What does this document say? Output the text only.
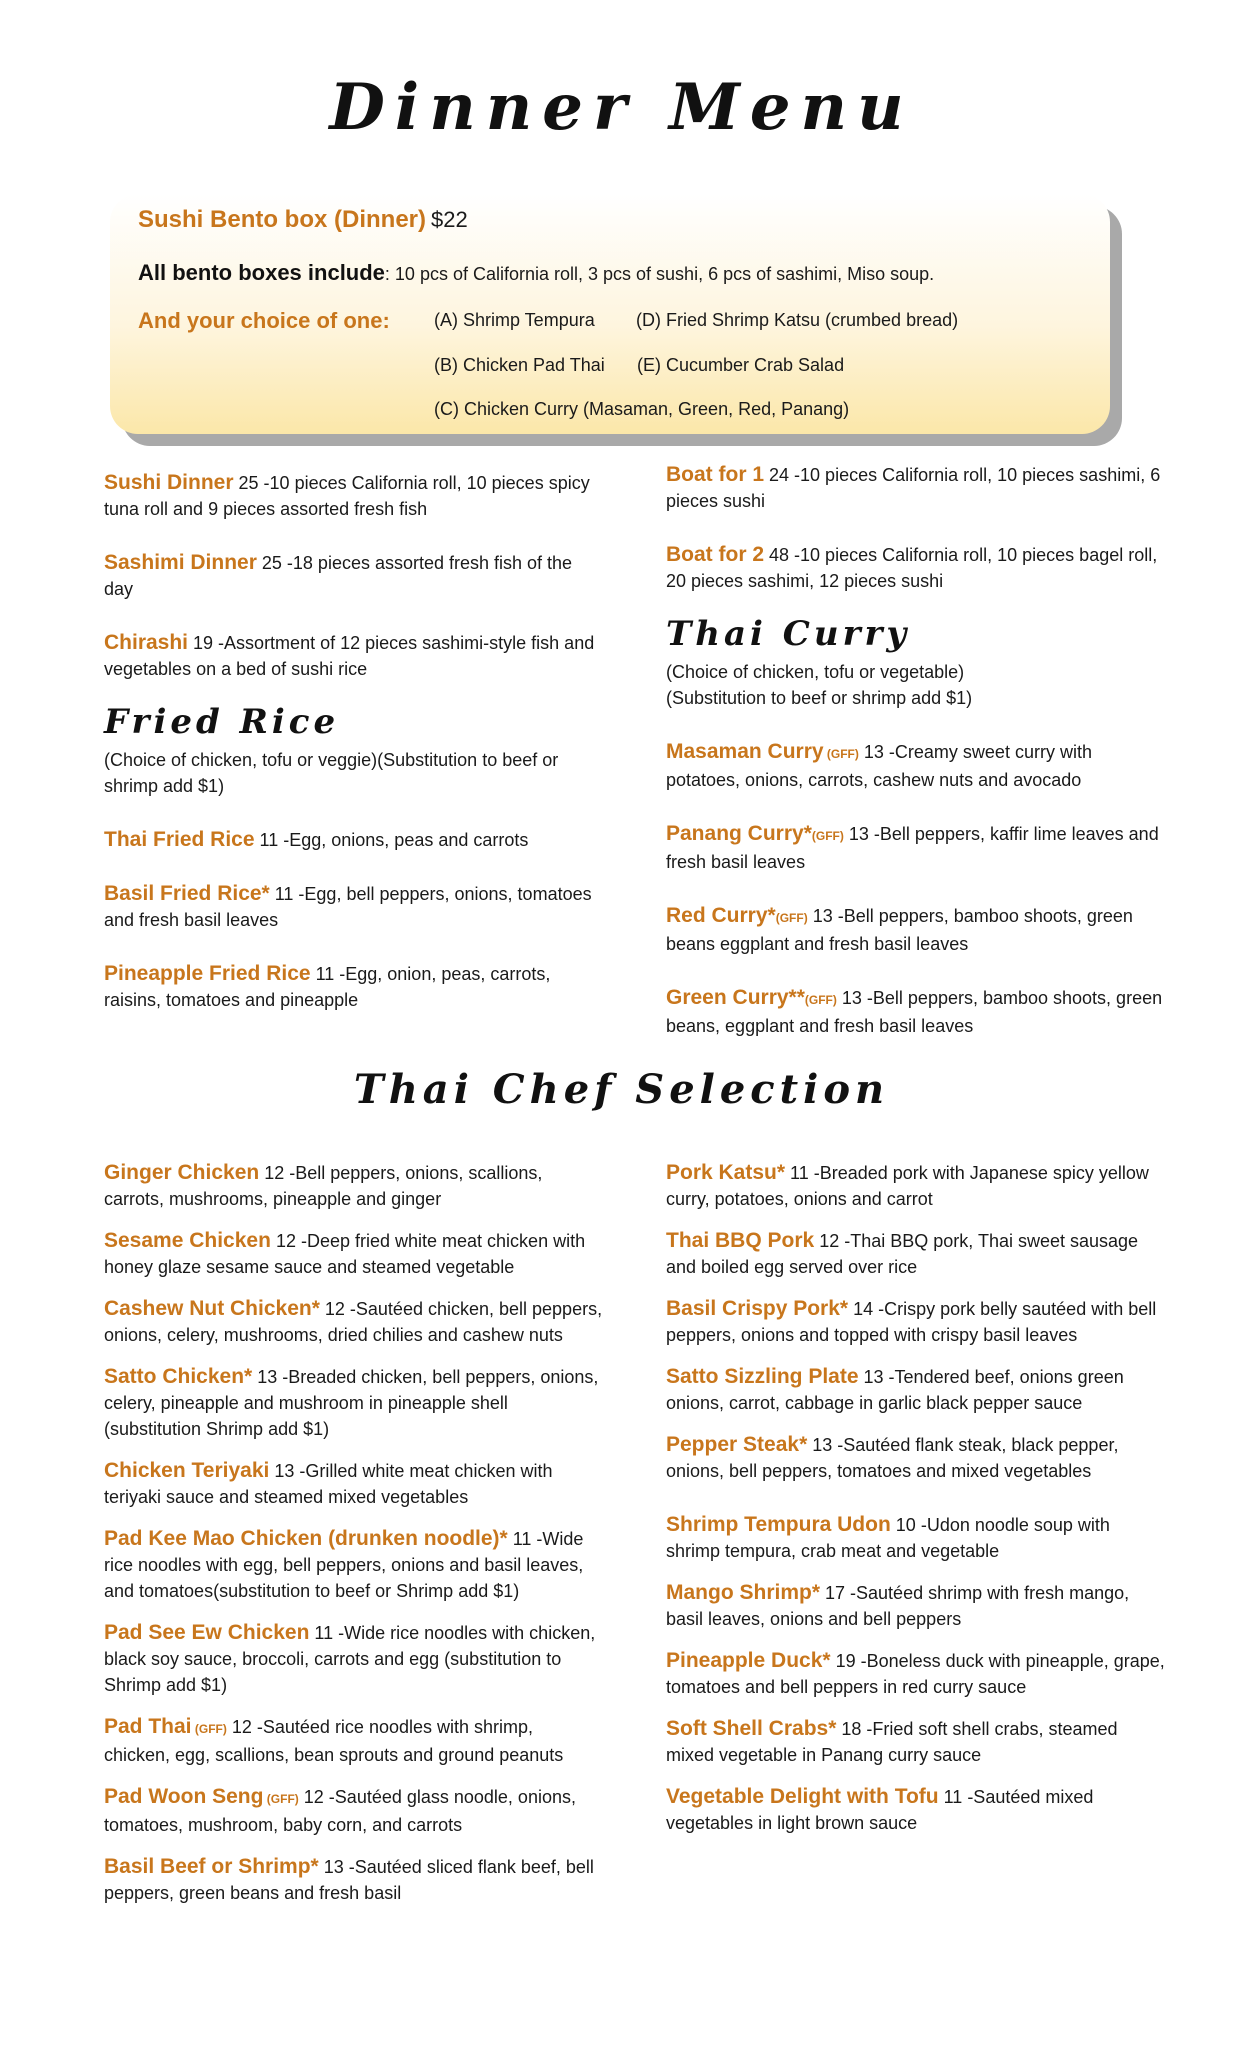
Dinner Menu
Sushi Bento box (Dinner) $22
All bento boxes include: 10 pcs of California roll, 3 pcs of sushi, 6 pcs of sashimi, Miso soup.
And your choice of one: (A) Shrimp Tempura (D) Fried Shrimp Katsu (crumbed bread)
(B) Chicken Pad Thai (E) Cucumber Crab Salad
(C) Chicken Curry (Masaman, Green, Red, Panang)
Sushi Dinner 25 -10 pieces California roll, 10 pieces spicy tuna roll and 9 pieces assorted fresh fish
Sashimi Dinner 25 -18 pieces assorted fresh fish of the day
Chirashi 19 -Assortment of 12 pieces sashimi-style fish and vegetables on a bed of sushi rice
Fried Rice
(Choice of chicken, tofu or veggie)(Substitution to beef or shrimp add $1)
Thai Fried Rice 11 -Egg, onions, peas and carrots
Basil Fried Rice* 11 -Egg, bell peppers, onions, tomatoes and fresh basil leaves
Pineapple Fried Rice 11 -Egg, onion, peas, carrots, raisins, tomatoes and pineapple
Boat for 1 24 -10 pieces California roll, 10 pieces sashimi, 6 pieces sushi
Boat for 2 48 -10 pieces California roll, 10 pieces bagel roll, 20 pieces sashimi, 12 pieces sushi
Thai Curry
(Choice of chicken, tofu or vegetable)
(Substitution to beef or shrimp add $1)
Masaman Curry (GFF) 13 -Creamy sweet curry with potatoes, onions, carrots, cashew nuts and avocado
Panang Curry*(GFF) 13 -Bell peppers, kaffir lime leaves and fresh basil leaves
Red Curry*(GFF) 13 -Bell peppers, bamboo shoots, green beans eggplant and fresh basil leaves
Green Curry**(GFF) 13 -Bell peppers, bamboo shoots, green beans, eggplant and fresh basil leaves
Thai Chef Selection
Ginger Chicken 12 -Bell peppers, onions, scallions, carrots, mushrooms, pineapple and ginger
Sesame Chicken 12 -Deep fried white meat chicken with honey glaze sesame sauce and steamed vegetable
Cashew Nut Chicken* 12 -Sautéed chicken, bell peppers, onions, celery, mushrooms, dried chilies and cashew nuts
Satto Chicken* 13 -Breaded chicken, bell peppers, onions, celery, pineapple and mushroom in pineapple shell (substitution Shrimp add $1)
Chicken Teriyaki 13 -Grilled white meat chicken with teriyaki sauce and steamed mixed vegetables
Pad Kee Mao Chicken (drunken noodle)* 11 -Wide rice noodles with egg, bell peppers, onions and basil leaves, and tomatoes(substitution to beef or Shrimp add $1)
Pad See Ew Chicken 11 -Wide rice noodles with chicken, black soy sauce, broccoli, carrots and egg (substitution to Shrimp add $1)
Pad Thai (GFF) 12 -Sautéed rice noodles with shrimp, chicken, egg, scallions, bean sprouts and ground peanuts
Pad Woon Seng (GFF) 12 -Sautéed glass noodle, onions, tomatoes, mushroom, baby corn, and carrots
Basil Beef or Shrimp* 13 -Sautéed sliced flank beef, bell peppers, green beans and fresh basil
Pork Katsu* 11 -Breaded pork with Japanese spicy yellow curry, potatoes, onions and carrot
Thai BBQ Pork 12 -Thai BBQ pork, Thai sweet sausage and boiled egg served over rice
Basil Crispy Pork* 14 -Crispy pork belly sautéed with bell peppers, onions and topped with crispy basil leaves
Satto Sizzling Plate 13 -Tendered beef, onions green onions, carrot, cabbage in garlic black pepper sauce
Pepper Steak* 13 -Sautéed flank steak, black pepper, onions, bell peppers, tomatoes and mixed vegetables
Shrimp Tempura Udon 10 -Udon noodle soup with shrimp tempura, crab meat and vegetable
Mango Shrimp* 17 -Sautéed shrimp with fresh mango, basil leaves, onions and bell peppers
Pineapple Duck* 19 -Boneless duck with pineapple, grape, tomatoes and bell peppers in red curry sauce
Soft Shell Crabs* 18 -Fried soft shell crabs, steamed mixed vegetable in Panang curry sauce
Vegetable Delight with Tofu 11 -Sautéed mixed vegetables in light brown sauce
